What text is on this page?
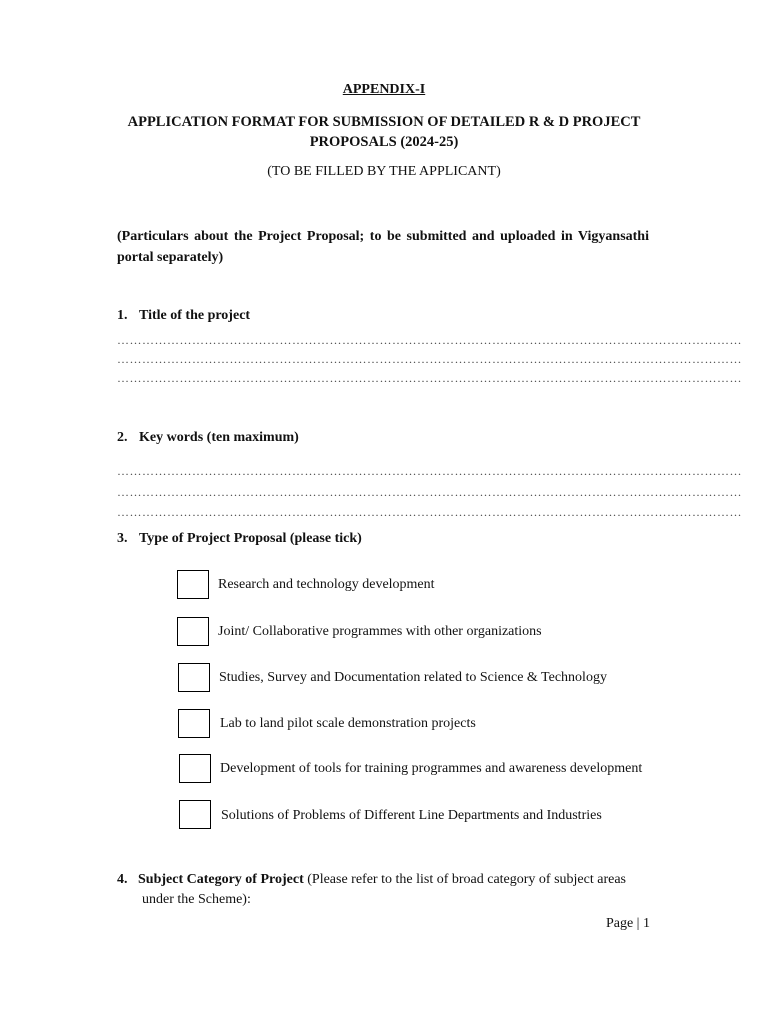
APPENDIX-I
APPLICATION FORMAT FOR SUBMISSION OF DETAILED R & D PROJECT PROPOSALS (2024-25)
(TO BE FILLED BY THE APPLICANT)
(Particulars about the Project Proposal; to be submitted and uploaded in Vigyansathi portal separately)
1. Title of the project
……………………………………………………………………………………………………………………………………
……………………………………………………………………………………………………………………………………
……………………………………………………………………………………………………………………………………
2. Key words (ten maximum)
……………………………………………………………………………………………………………………………………
……………………………………………………………………………………………………………………………………
……………………………………………………………………………………………………………………………………
3. Type of Project Proposal (please tick)
Research and technology development
Joint/ Collaborative programmes with other organizations
Studies, Survey and Documentation related to Science & Technology
Lab to land pilot scale demonstration projects
Development of tools for training programmes and awareness development
Solutions of Problems of Different Line Departments and Industries
4. Subject Category of Project (Please refer to the list of broad category of subject areas
under the Scheme):
Page | 1
